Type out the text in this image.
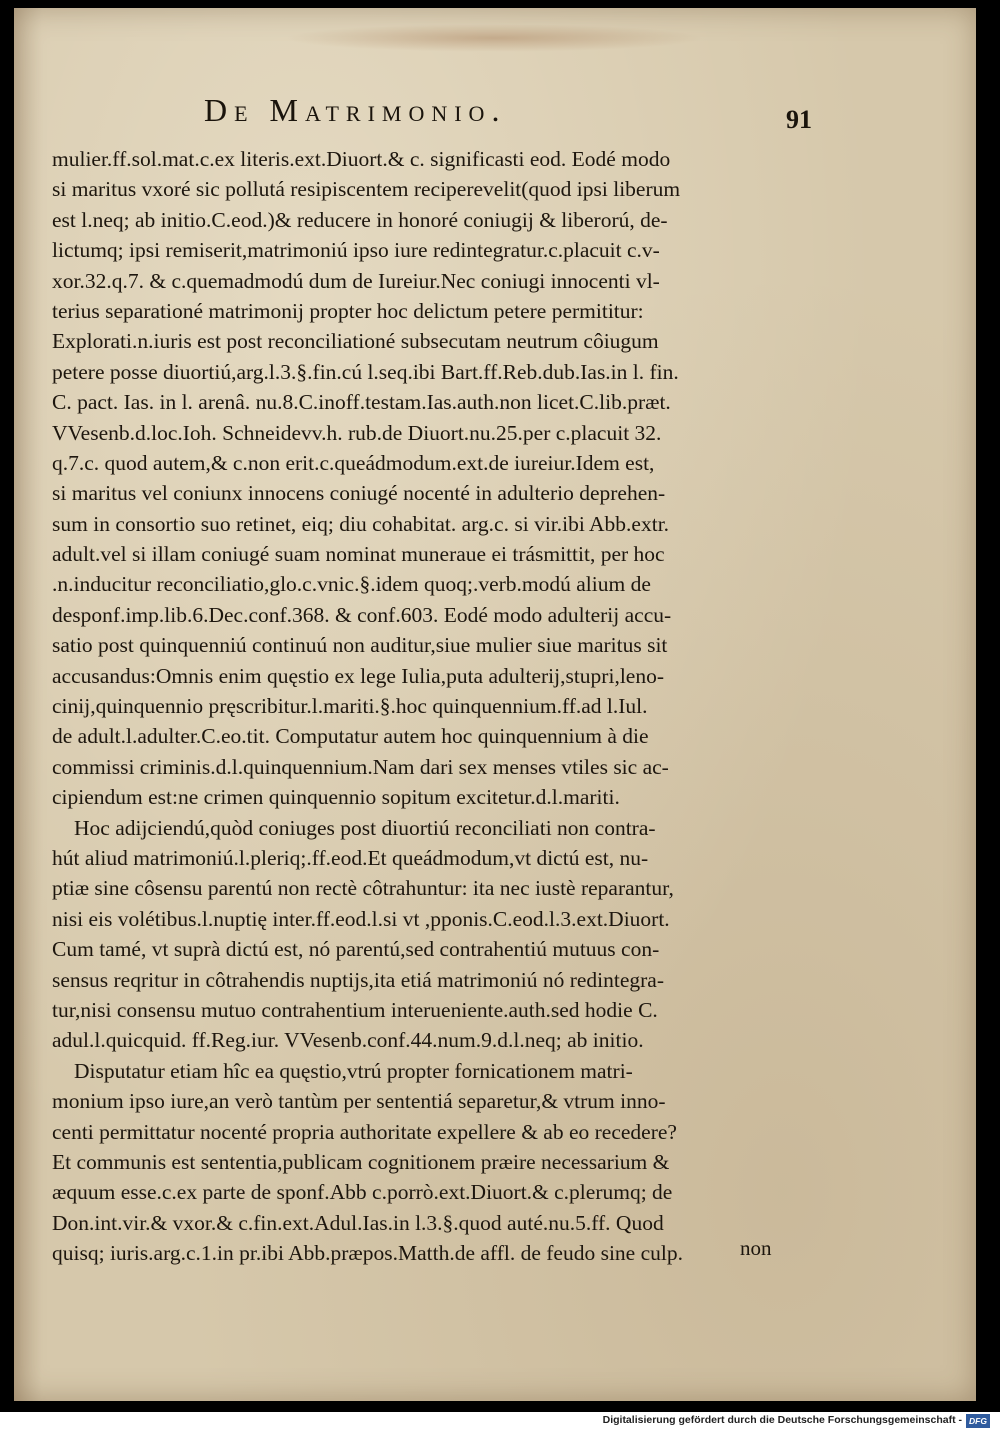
De Matrimonio.	91
mulier.ff.sol.mat.c.ex literis.ext.Diuort.& c. significasti eod. Eodé modo
si maritus vxoré sic pollutá resipiscentem reciperevelit(quod ipsi liberum
est l.neq; ab initio.C.eod.)& reducere in honoré coniugij & liberorú, de-
lictumq; ipsi remiserit,matrimoniú ipso iure redintegratur.c.placuit c.v-
xor.32.q.7. & c.quemadmodú dum de Iureiur.Nec coniugi innocenti vl-
terius separationé matrimonij propter hoc delictum petere permititur:
Explorati.n.iuris est post reconciliationé subsecutam neutrum côiugum
petere posse diuortiú,arg.l.3.§.fin.cú l.seq.ibi Bart.ff.Reb.dub.Ias.in l. fin.
C. pact. Ias. in l. arenâ. nu.8.C.inoff.testam.Ias.auth.non licet.C.lib.præt.
VVesenb.d.loc.Ioh. Schneidevv.h. rub.de Diuort.nu.25.per c.placuit 32.
q.7.c. quod autem,& c.non erit.c.queádmodum.ext.de iureiur.Idem est,
si maritus vel coniunx innocens coniugé nocenté in adulterio deprehen-
sum in consortio suo retinet, eiq; diu cohabitat. arg.c. si vir.ibi Abb.extr.
adult.vel si illam coniugé suam nominat muneraue ei trásmittit, per hoc
.n.inducitur reconciliatio,glo.c.vnic.§.idem quoq;.verb.modú alium de
desponf.imp.lib.6.Dec.conf.368. & conf.603. Eodé modo adulterij accu-
satio post quinquenniú continuú non auditur,siue mulier siue maritus sit
accusandus:Omnis enim quęstio ex lege Iulia,puta adulterij,stupri,leno-
cinij,quinquennio pręscribitur.l.mariti.§.hoc quinquennium.ff.ad l.Iul.
de adult.l.adulter.C.eo.tit. Computatur autem hoc quinquennium à die
commissi criminis.d.l.quinquennium.Nam dari sex menses vtiles sic ac-
cipiendum est:ne crimen quinquennio sopitum excitetur.d.l.mariti.
Hoc adijciendú,quòd coniuges post diuortiú reconciliati non contra-
hút aliud matrimoniú.l.pleriq;.ff.eod.Et queádmodum,vt dictú est, nu-
ptiæ sine côsensu parentú non rectè côtrahuntur: ita nec iustè reparantur,
nisi eis volétibus.l.nuptię inter.ff.eod.l.si vt ,pponis.C.eod.l.3.ext.Diuort.
Cum tamé, vt suprà dictú est, nó parentú,sed contrahentiú mutuus con-
sensus reqritur in côtrahendis nuptijs,ita etiá matrimoniú nó redintegra-
tur,nisi consensu mutuo contrahentium interueniente.auth.sed hodie C.
adul.l.quicquid. ff.Reg.iur. VVesenb.conf.44.num.9.d.l.neq; ab initio.
Disputatur etiam hîc ea quęstio,vtrú propter fornicationem matri-
monium ipso iure,an verò tantùm per sententiá separetur,& vtrum inno-
centi permittatur nocenté propria authoritate expellere & ab eo recedere?
Et communis est sententia,publicam cognitionem præire necessarium &
æquum esse.c.ex parte de sponf.Abb c.porrò.ext.Diuort.& c.plerumq; de
Don.int.vir.& vxor.& c.fin.ext.Adul.Ias.in l.3.§.quod auté.nu.5.ff. Quod
quisq; iuris.arg.c.1.in pr.ibi Abb.præpos.Matth.de affl. de feudo sine culp.	non
Digitalisierung gefördert durch die Deutsche Forschungsgemeinschaft - DFG
